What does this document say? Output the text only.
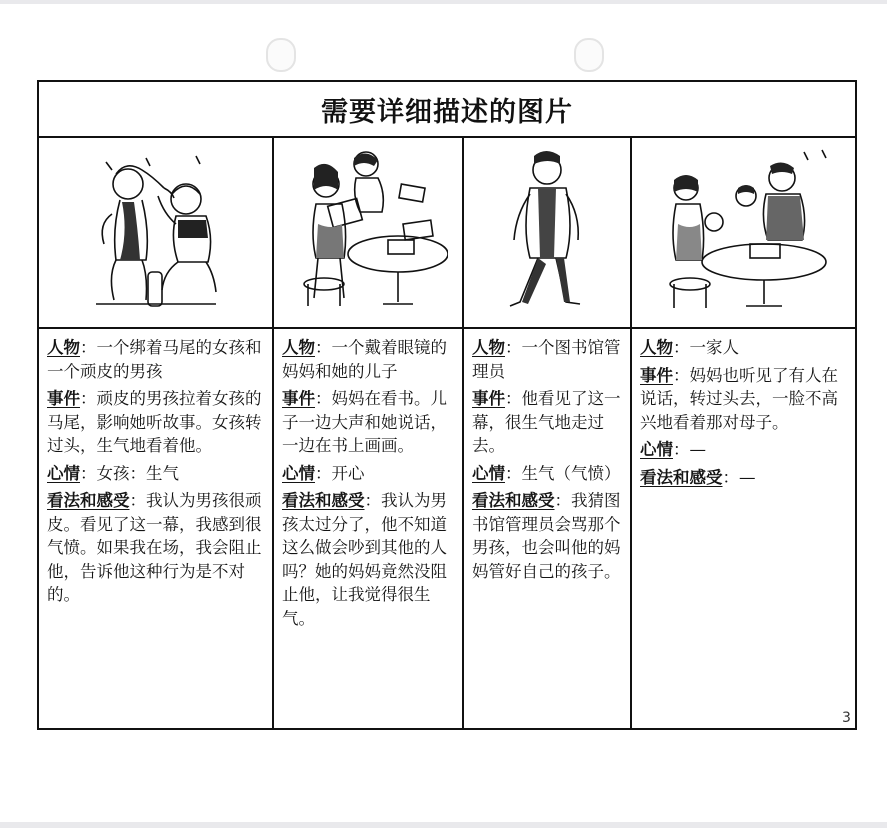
需要详细描述的图片

人物：一个绑着马尾的女孩和一个顽皮的男孩

事件：顽皮的男孩拉着女孩的马尾，影响她听故事。女孩转过头，生气地看着他。

心情：女孩：生气

看法和感受：我认为男孩很顽皮。看见了这一幕，我感到很气愤。如果我在场，我会阻止他，告诉他这种行为是不对的。

人物：一个戴着眼镜的妈妈和她的儿子

事件：妈妈在看书。儿子一边大声和她说话，一边在书上画画。

心情：开心

看法和感受：我认为男孩太过分了，他不知道这么做会吵到其他的人吗？她的妈妈竟然没阻止他，让我觉得很生气。

人物：一个图书馆管理员

事件：他看见了这一幕，很生气地走过去。

心情：生气（气愤）

看法和感受：我猜图书馆管理员会骂那个男孩，也会叫他的妈妈管好自己的孩子。

人物：一家人

事件：妈妈也听见了有人在说话，转过头去，一脸不高兴地看着那对母子。

心情：—

看法和感受：—

3
